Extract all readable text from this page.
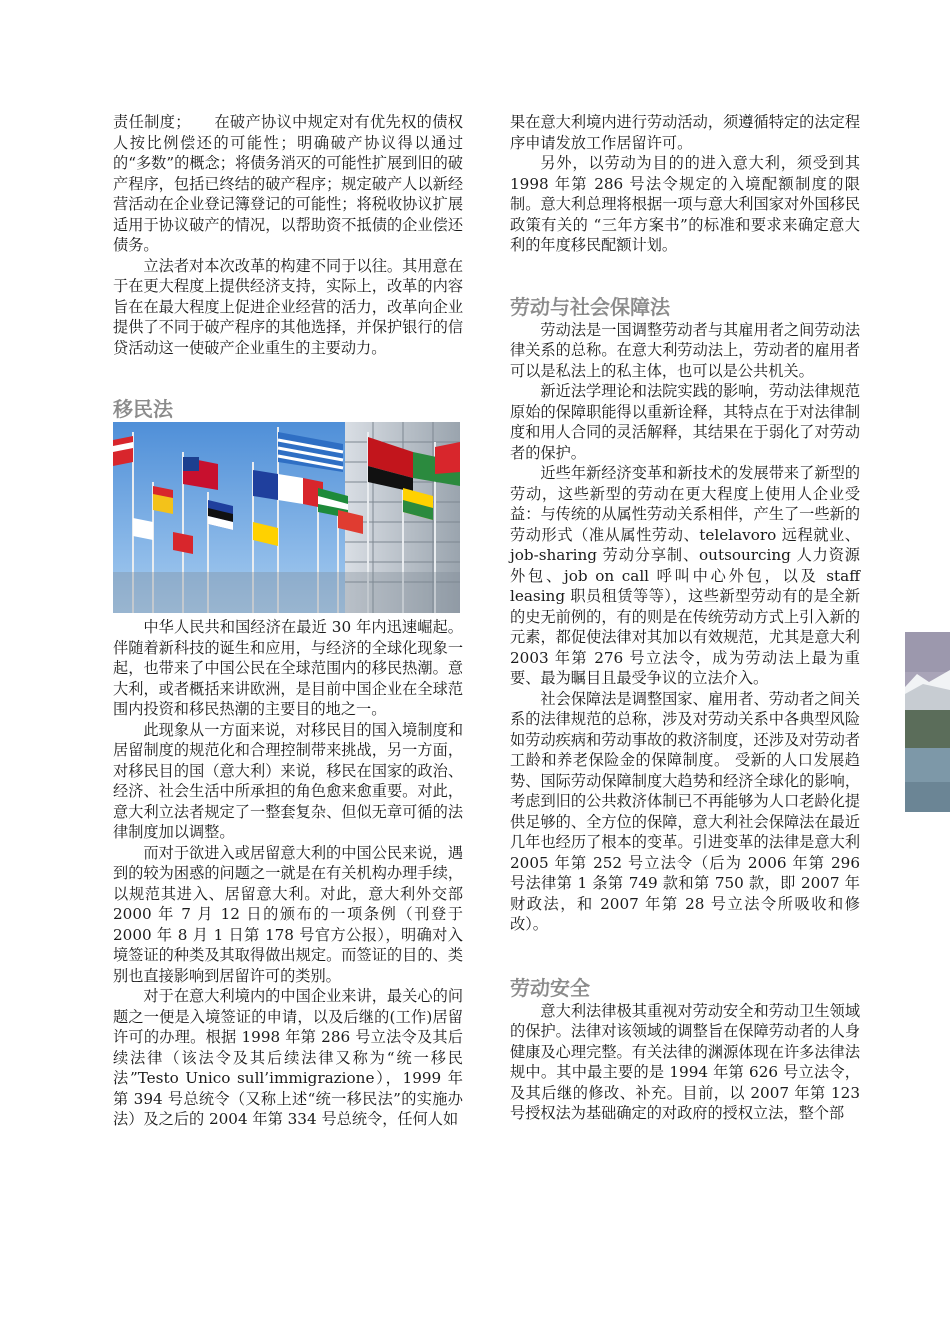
责任制度；　　在破产协议中规定对有优先权的债权人按比例偿还的可能性；明确破产协议得以通过的“多数”的概念；将债务消灭的可能性扩展到旧的破产程序，包括已终结的破产程序；规定破产人以新经营活动在企业登记簿登记的可能性；将税收协议扩展适用于协议破产的情况，以帮助资不抵债的企业偿还债务。

立法者对本次改革的构建不同于以往。其用意在于在更大程度上提供经济支持，实际上，改革的内容旨在在最大程度上促进企业经营的活力，改革向企业提供了不同于破产程序的其他选择，并保护银行的信贷活动这一使破产企业重生的主要动力。

移民法

中华人民共和国经济在最近 30 年内迅速崛起。伴随着新科技的诞生和应用，与经济的全球化现象一起，也带来了中国公民在全球范围内的移民热潮。意大利，或者概括来讲欧洲，是目前中国企业在全球范围内投资和移民热潮的主要目的地之一。

此现象从一方面来说，对移民目的国入境制度和居留制度的规范化和合理控制带来挑战，另一方面，对移民目的国（意大利）来说，移民在国家的政治、经济、社会生活中所承担的角色愈来愈重要。对此，意大利立法者规定了一整套复杂、但似无章可循的法律制度加以调整。

而对于欲进入或居留意大利的中国公民来说，遇到的较为困惑的问题之一就是在有关机构办理手续，以规范其进入、居留意大利。对此，意大利外交部 2000 年 7 月 12 日的颁布的一项条例（刊登于 2000 年 8 月 1 日第 178 号官方公报），明确对入境签证的种类及其取得做出规定。而签证的目的、类别也直接影响到居留许可的类别。

对于在意大利境内的中国企业来讲，最关心的问题之一便是入境签证的申请，以及后继的(工作)居留许可的办理。根据 1998 年第 286 号立法令及其后续法律（该法令及其后续法律又称为“统一移民法”Testo Unico sull’immigrazione），1999 年第 394 号总统令（又称上述“统一移民法”的实施办法）及之后的 2004 年第 334 号总统令，任何人如

果在意大利境内进行劳动活动，须遵循特定的法定程序申请发放工作居留许可。

另外，以劳动为目的的进入意大利，须受到其 1998 年第 286 号法令规定的入境配额制度的限制。意大利总理将根据一项与意大利国家对外国移民政策有关的 “三年方案书”的标准和要求来确定意大利的年度移民配额计划。

劳动与社会保障法

劳动法是一国调整劳动者与其雇用者之间劳动法律关系的总称。在意大利劳动法上，劳动者的雇用者可以是私法上的私主体，也可以是公共机关。

新近法学理论和法院实践的影响，劳动法律规范原始的保障职能得以重新诠释，其特点在于对法律制度和用人合同的灵活解释，其结果在于弱化了对劳动者的保护。

近些年新经济变革和新技术的发展带来了新型的劳动，这些新型的劳动在更大程度上使用人企业受益：与传统的从属性劳动关系相伴，产生了一些新的劳动形式（准从属性劳动、telelavoro 远程就业、job-sharing 劳动分享制、outsourcing 人力资源外包、job on call 呼叫中心外包，以及 staff leasing 职员租赁等等），这些新型劳动有的是全新的史无前例的，有的则是在传统劳动方式上引入新的元素，都促使法律对其加以有效规范，尤其是意大利 2003 年第 276 号立法令，成为劳动法上最为重要、最为瞩目且最受争议的立法介入。

社会保障法是调整国家、雇用者、劳动者之间关系的法律规范的总称，涉及对劳动关系中各典型风险如劳动疾病和劳动事故的救济制度，还涉及对劳动者工龄和养老保险金的保障制度。 受新的人口发展趋势、国际劳动保障制度大趋势和经济全球化的影响，考虑到旧的公共救济体制已不再能够为人口老龄化提供足够的、全方位的保障，意大利社会保障法在最近几年也经历了根本的变革。引进变革的法律是意大利 2005 年第 252 号立法令（后为 2006 年第 296 号法律第 1 条第 749 款和第 750 款，即 2007 年财政法，和 2007 年第 28 号立法令所吸收和修改）。

劳动安全

意大利法律极其重视对劳动安全和劳动卫生领域的保护。法律对该领域的调整旨在保障劳动者的人身健康及心理完整。有关法律的渊源体现在许多法律法规中。其中最主要的是 1994 年第 626 号立法令，及其后继的修改、补充。目前，以 2007 年第 123 号授权法为基础确定的对政府的授权立法，整个部
